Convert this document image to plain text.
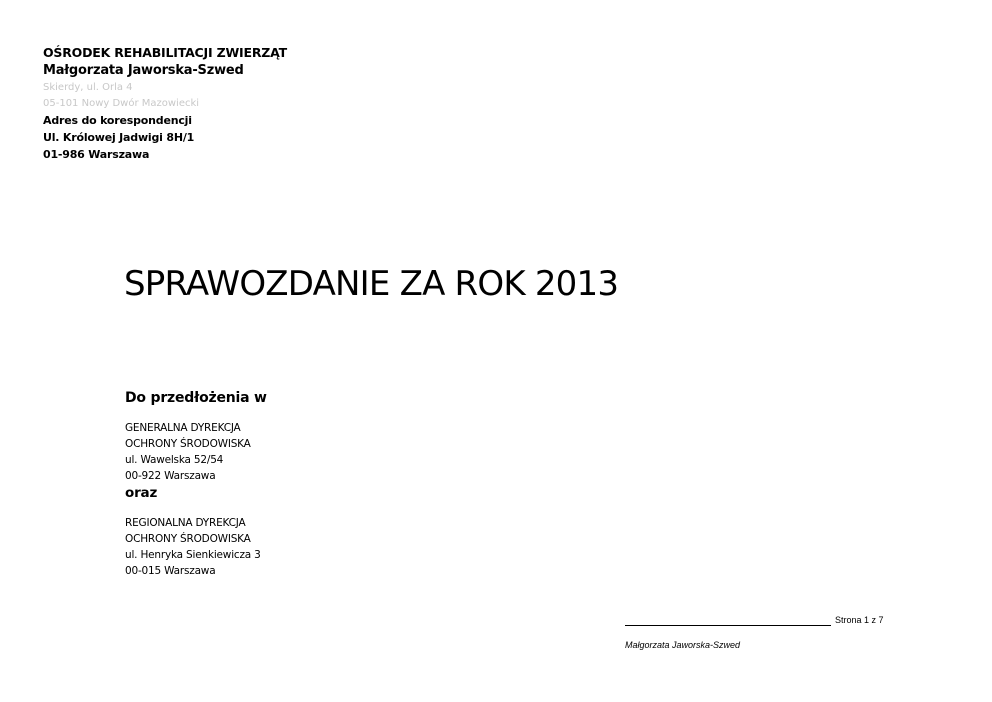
OŚRODEK REHABILITACJI ZWIERZĄT
Małgorzata Jaworska-Szwed
Skierdy, ul. Orla 4
05-101 Nowy Dwór Mazowiecki
Adres do korespondencji
Ul. Królowej Jadwigi 8H/1
01-986 Warszawa
SPRAWOZDANIE ZA ROK 2013
Do przedłożenia w
GENERALNA DYREKCJA
OCHRONY ŚRODOWISKA
ul. Wawelska 52/54
00-922 Warszawa
oraz
REGIONALNA DYREKCJA
OCHRONY ŚRODOWISKA
ul. Henryka Sienkiewicza 3
00-015 Warszawa
Strona 1 z 7
Małgorzata Jaworska-Szwed
